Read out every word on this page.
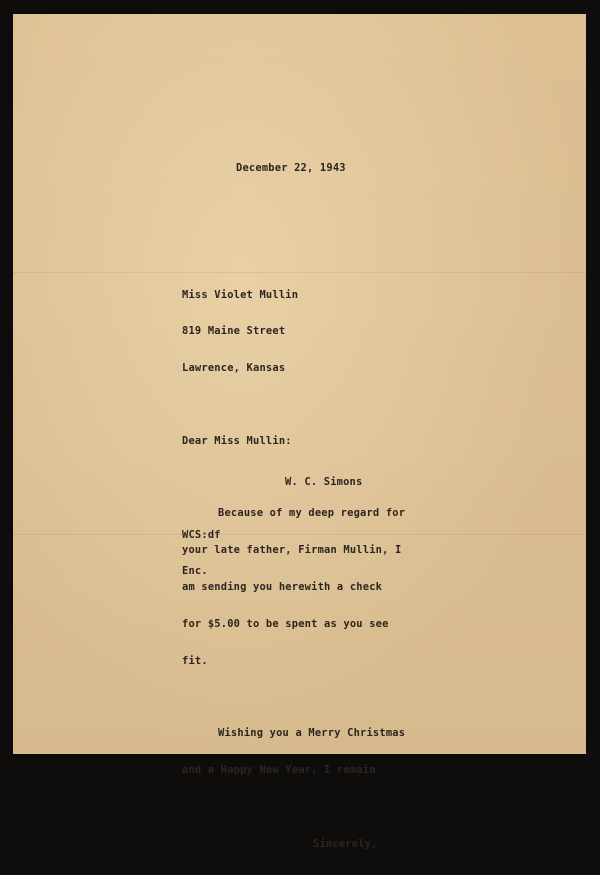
December 22, 1943

Miss Violet Mullin

819 Maine Street

Lawrence, Kansas

Dear Miss Mullin:

Because of my deep regard for

your late father, Firman Mullin, I

am sending you herewith a check

for $5.00 to be spent as you see

fit.

Wishing you a Merry Christmas

and a Happy New Year, I remain

Sincerely,

W. C. Simons

WCS:df

Enc.
